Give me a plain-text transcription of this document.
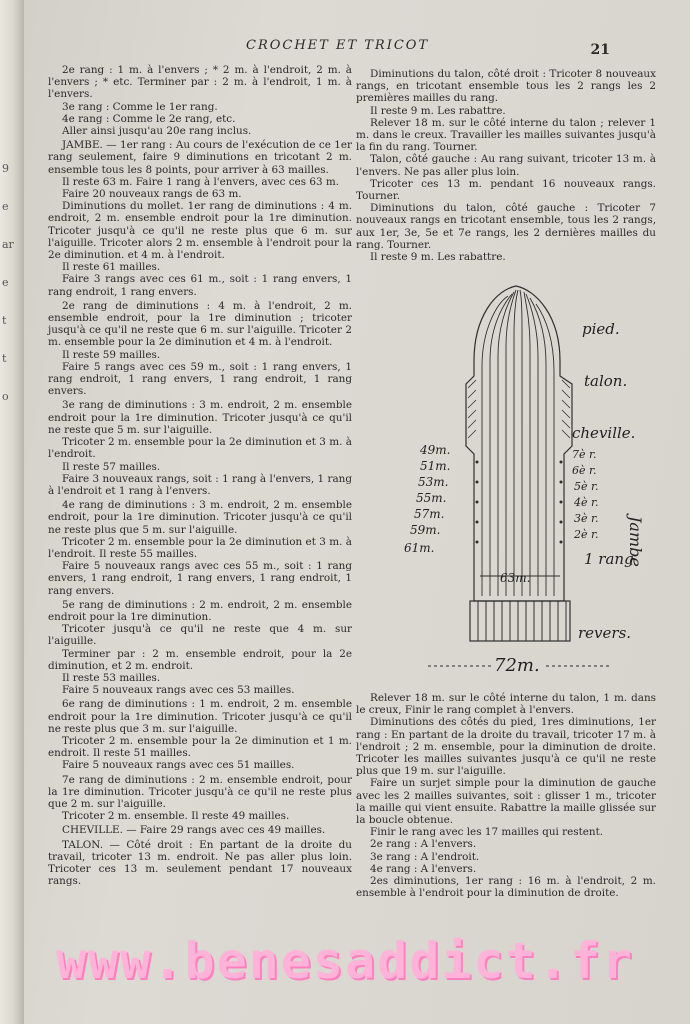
9
e
ar
e
t
t
o
CROCHET ET TRICOT	21

2e rang : 1 m. à l'envers ; * 2 m. à l'endroit, 2 m. à l'envers ; * etc. Terminer par : 2 m. à l'endroit, 1 m. à l'envers.

3e rang : Comme le 1er rang.

4e rang : Comme le 2e rang, etc.

Aller ainsi jusqu'au 20e rang inclus.

JAMBE. — 1er rang : Au cours de l'exécution de ce 1er rang seulement, faire 9 diminutions en tricotant 2 m. ensemble tous les 8 points, pour arriver à 63 mailles.

Il reste 63 m. Faire 1 rang à l'envers, avec ces 63 m.

Faire 20 nouveaux rangs de 63 m.

Diminutions du mollet. 1er rang de diminutions : 4 m. endroit, 2 m. ensemble endroit pour la 1re diminution. Tricoter jusqu'à ce qu'il ne reste plus que 6 m. sur l'aiguille. Tricoter alors 2 m. ensemble à l'endroit pour la 2e diminution. et 4 m. à l'endroit.

Il reste 61 mailles.

Faire 3 rangs avec ces 61 m., soit : 1 rang envers, 1 rang endroit, 1 rang envers.

2e rang de diminutions : 4 m. à l'endroit, 2 m. ensemble endroit, pour la 1re diminution ; tricoter jusqu'à ce qu'il ne reste que 6 m. sur l'aiguille. Tricoter 2 m. ensemble pour la 2e diminution et 4 m. à l'endroit.

Il reste 59 mailles.

Faire 5 rangs avec ces 59 m., soit : 1 rang envers, 1 rang endroit, 1 rang envers, 1 rang endroit, 1 rang envers.

3e rang de diminutions : 3 m. endroit, 2 m. ensemble endroit pour la 1re diminution. Tricoter jusqu'à ce qu'il ne reste que 5 m. sur l'aiguille.

Tricoter 2 m. ensemble pour la 2e diminution et 3 m. à l'endroit.

Il reste 57 mailles.

Faire 3 nouveaux rangs, soit : 1 rang à l'envers, 1 rang à l'endroit et 1 rang à l'envers.

4e rang de diminutions : 3 m. endroit, 2 m. ensemble endroit, pour la 1re diminution. Tricoter jusqu'à ce qu'il ne reste plus que 5 m. sur l'aiguille.

Tricoter 2 m. ensemble pour la 2e diminution et 3 m. à l'endroit. Il reste 55 mailles.

Faire 5 nouveaux rangs avec ces 55 m., soit : 1 rang envers, 1 rang endroit, 1 rang envers, 1 rang endroit, 1 rang envers.

5e rang de diminutions : 2 m. endroit, 2 m. ensemble endroit pour la 1re diminution.

Tricoter jusqu'à ce qu'il ne reste que 4 m. sur l'aiguille.

Terminer par : 2 m. ensemble endroit, pour la 2e diminution, et 2 m. endroit.

Il reste 53 mailles.

Faire 5 nouveaux rangs avec ces 53 mailles.

6e rang de diminutions : 1 m. endroit, 2 m. ensemble endroit pour la 1re diminution. Tricoter jusqu'à ce qu'il ne reste plus que 3 m. sur l'aiguille.

Tricoter 2 m. ensemble pour la 2e diminution et 1 m. endroit. Il reste 51 mailles.

Faire 5 nouveaux rangs avec ces 51 mailles.

7e rang de diminutions : 2 m. ensemble endroit, pour la 1re diminution. Tricoter jusqu'à ce qu'il ne reste plus que 2 m. sur l'aiguille.

Tricoter 2 m. ensemble. Il reste 49 mailles.

CHEVILLE. — Faire 29 rangs avec ces 49 mailles.

TALON. — Côté droit : En partant de la droite du travail, tricoter 13 m. endroit. Ne pas aller plus loin. Tricoter ces 13 m. seulement pendant 17 nouveaux rangs.

Diminutions du talon, côté droit : Tricoter 8 nouveaux rangs, en tricotant ensemble tous les 2 rangs les 2 premières mailles du rang.

Il reste 9 m. Les rabattre.

Relever 18 m. sur le côté interne du talon ; relever 1 m. dans le creux. Travailler les mailles suivantes jusqu'à la fin du rang. Tourner.

Talon, côté gauche : Au rang suivant, tricoter 13 m. à l'envers. Ne pas aller plus loin.

Tricoter ces 13 m. pendant 16 nouveaux rangs. Tourner.

Diminutions du talon, côté gauche : Tricoter 7 nouveaux rangs en tricotant ensemble, tous les 2 rangs, aux 1er, 3e, 5e et 7e rangs, les 2 dernières mailles du rang. Tourner.

Il reste 9 m. Les rabattre.

pied.
talon.
cheville.
Jambe
1 rang
revers.
72m.
63m.
49m.
51m.
53m.
55m.
57m.
59m.
61m.
7è r.
6è r.
5è r.
4è r.
3è r.
2è r.

Relever 18 m. sur le côté interne du talon, 1 m. dans le creux, Finir le rang complet à l'envers.

Diminutions des côtés du pied, 1res diminutions, 1er rang : En partant de la droite du travail, tricoter 17 m. à l'endroit ; 2 m. ensemble, pour la diminution de droite. Tricoter les mailles suivantes jusqu'à ce qu'il ne reste plus que 19 m. sur l'aiguille.

Faire un surjet simple pour la diminution de gauche avec les 2 mailles suivantes, soit : glisser 1 m., tricoter la maille qui vient ensuite. Rabattre la maille glissée sur la boucle obtenue.

Finir le rang avec les 17 mailles qui restent.

2e rang : A l'envers.

3e rang : A l'endroit.

4e rang : A l'envers.

2es diminutions, 1er rang : 16 m. à l'endroit, 2 m. ensemble à l'endroit pour la diminution de droite.

www.benesaddict.fr
